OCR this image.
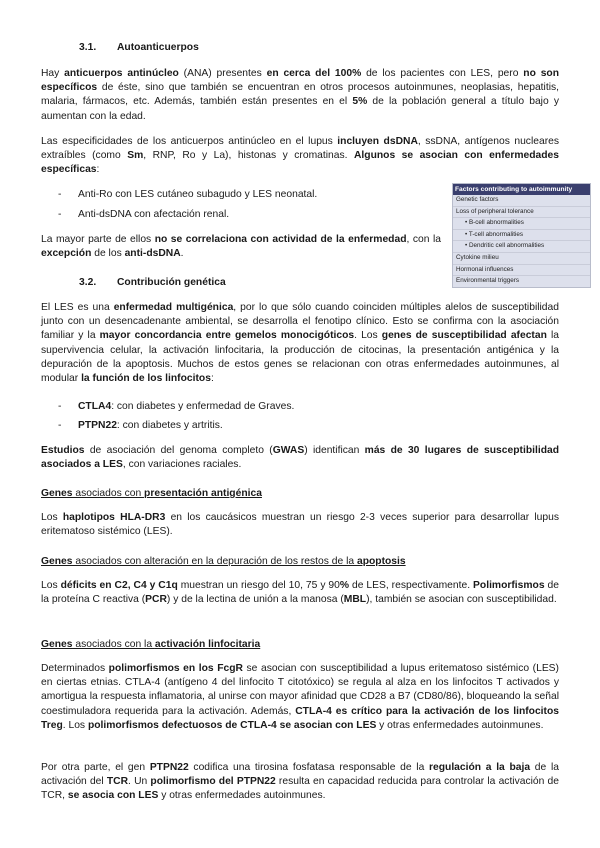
3.1. Autoanticuerpos
Hay anticuerpos antinúcleo (ANA) presentes en cerca del 100% de los pacientes con LES, pero no son específicos de éste, sino que también se encuentran en otros procesos autoinmunes, neoplasias, hepatitis, malaria, fármacos, etc. Además, también están presentes en el 5% de la población general a título bajo y aumentan con la edad.
Las especificidades de los anticuerpos antinúcleo en el lupus incluyen dsDNA, ssDNA, antígenos nucleares extraíbles (como Sm, RNP, Ro y La), histonas y cromatinas. Algunos se asocian con enfermedades específicas:
- Anti-Ro con LES cutáneo subagudo y LES neonatal.
- Anti-dsDNA con afectación renal.
La mayor parte de ellos no se correlaciona con actividad de la enfermedad, con la excepción de los anti-dsDNA.
Factors contributing to autoimmunity
Genetic factors
Loss of peripheral tolerance
• B-cell abnormalities
• T-cell abnormalities
• Dendritic cell abnormalities
Cytokine milieu
Hormonal influences
Environmental triggers
3.2. Contribución genética
El LES es una enfermedad multigénica, por lo que sólo cuando coinciden múltiples alelos de susceptibilidad junto con un desencadenante ambiental, se desarrolla el fenotipo clínico. Esto se confirma con la asociación familiar y la mayor concordancia entre gemelos monocigóticos. Los genes de susceptibilidad afectan la supervivencia celular, la activación linfocitaria, la producción de citocinas, la presentación antigénica y la depuración de la apoptosis. Muchos de estos genes se relacionan con otras enfermedades autoinmunes, al modular la función de los linfocitos:
- CTLA4: con diabetes y enfermedad de Graves.
- PTPN22: con diabetes y artritis.
Estudios de asociación del genoma completo (GWAS) identifican más de 30 lugares de susceptibilidad asociados a LES, con variaciones raciales.
Genes asociados con presentación antigénica
Los haplotipos HLA-DR3 en los caucásicos muestran un riesgo 2-3 veces superior para desarrollar lupus eritematoso sistémico (LES).
Genes asociados con alteración en la depuración de los restos de la apoptosis
Los déficits en C2, C4 y C1q muestran un riesgo del 10, 75 y 90% de LES, respectivamente. Polimorfismos de la proteína C reactiva (PCR) y de la lectina de unión a la manosa (MBL), también se asocian con susceptibilidad.
Genes asociados con la activación linfocitaria
Determinados polimorfismos en los FcgR se asocian con susceptibilidad a lupus eritematoso sistémico (LES) en ciertas etnias. CTLA-4 (antígeno 4 del linfocito T citotóxico) se regula al alza en los linfocitos T activados y amortigua la respuesta inflamatoria, al unirse con mayor afinidad que CD28 a B7 (CD80/86), bloqueando la señal coestimuladora requerida para la activación. Además, CTLA-4 es crítico para la activación de los linfocitos Treg. Los polimorfismos defectuosos de CTLA-4 se asocian con LES y otras enfermedades autoinmunes.
Por otra parte, el gen PTPN22 codifica una tirosina fosfatasa responsable de la regulación a la baja de la activación del TCR. Un polimorfismo del PTPN22 resulta en capacidad reducida para controlar la activación de TCR, se asocia con LES y otras enfermedades autoinmunes.
